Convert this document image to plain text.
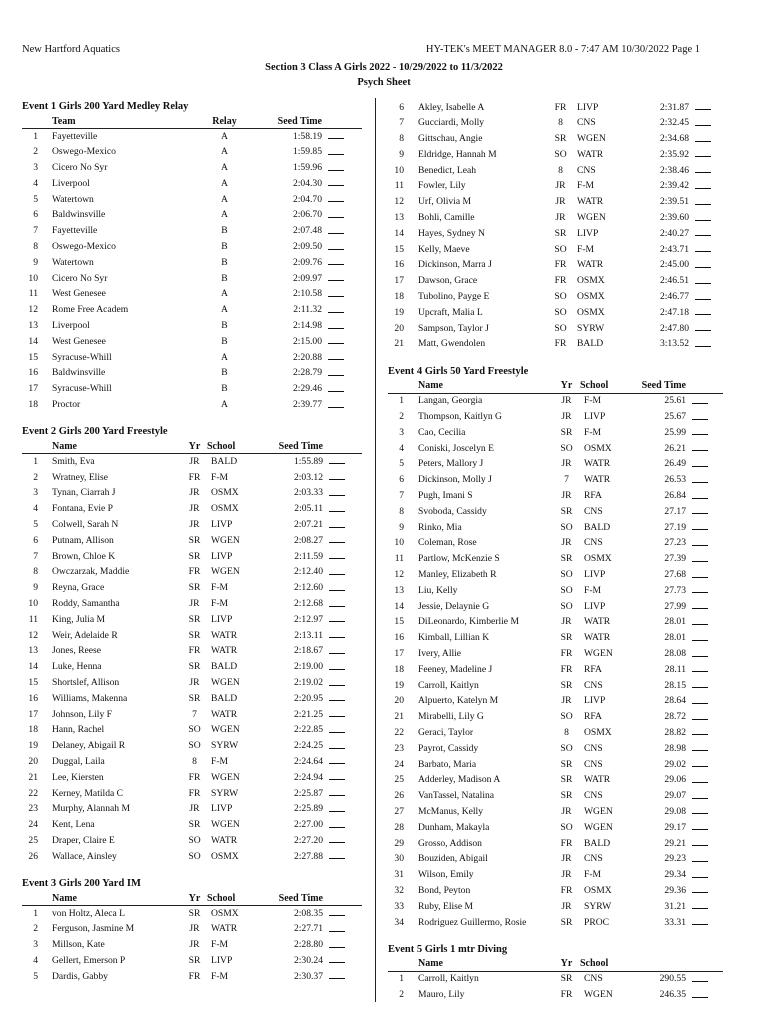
New Hartford Aquatics	HY-TEK's MEET MANAGER 8.0 - 7:47 AM 10/30/2022 Page 1
Section 3 Class A Girls 2022 - 10/29/2022 to 11/3/2022
Psych Sheet
Event 1 Girls 200 Yard Medley Relay
	Team	Relay	Seed Time	
1	Fayetteville	A	1:58.19	
2	Oswego-Mexico	A	1:59.85	
3	Cicero No Syr	A	1:59.96	
4	Liverpool	A	2:04.30	
5	Watertown	A	2:04.70	
6	Baldwinsville	A	2:06.70	
7	Fayetteville	B	2:07.48	
8	Oswego-Mexico	B	2:09.50	
9	Watertown	B	2:09.76	
10	Cicero No Syr	B	2:09.97	
11	West Genesee	A	2:10.58	
12	Rome Free Academ	A	2:11.32	
13	Liverpool	B	2:14.98	
14	West Genesee	B	2:15.00	
15	Syracuse-Whill	A	2:20.88	
16	Baldwinsville	B	2:28.79	
17	Syracuse-Whill	B	2:29.46	
18	Proctor	A	2:39.77	
Event 2 Girls 200 Yard Freestyle
	Name	Yr	School	Seed Time	
1	Smith, Eva	JR	BALD	1:55.89	
2	Wratney, Elise	FR	F-M	2:03.12	
3	Tynan, Ciarrah J	JR	OSMX	2:03.33	
4	Fontana, Evie P	JR	OSMX	2:05.11	
5	Colwell, Sarah N	JR	LIVP	2:07.21	
6	Putnam, Allison	SR	WGEN	2:08.27	
7	Brown, Chloe K	SR	LIVP	2:11.59	
8	Owczarzak, Maddie	FR	WGEN	2:12.40	
9	Reyna, Grace	SR	F-M	2:12.60	
10	Roddy, Samantha	JR	F-M	2:12.68	
11	King, Julia M	SR	LIVP	2:12.97	
12	Weir, Adelaide R	SR	WATR	2:13.11	
13	Jones, Reese	FR	WATR	2:18.67	
14	Luke, Henna	SR	BALD	2:19.00	
15	Shortslef, Allison	JR	WGEN	2:19.02	
16	Williams, Makenna	SR	BALD	2:20.95	
17	Johnson, Lily F	7	WATR	2:21.25	
18	Hann, Rachel	SO	WGEN	2:22.85	
19	Delaney, Abigail R	SO	SYRW	2:24.25	
20	Duggal, Laila	8	F-M	2:24.64	
21	Lee, Kiersten	FR	WGEN	2:24.94	
22	Kerney, Matilda C	FR	SYRW	2:25.87	
23	Murphy, Alannah M	JR	LIVP	2:25.89	
24	Kent, Lena	SR	WGEN	2:27.00	
25	Draper, Claire E	SO	WATR	2:27.20	
26	Wallace, Ainsley	SO	OSMX	2:27.88	
Event 3 Girls 200 Yard IM
	Name	Yr	School	Seed Time	
1	von Holtz, Aleca L	SR	OSMX	2:08.35	
2	Ferguson, Jasmine M	JR	WATR	2:27.71	
3	Millson, Kate	JR	F-M	2:28.80	
4	Gellert, Emerson P	SR	LIVP	2:30.24	
5	Dardis, Gabby	FR	F-M	2:30.37	
6	Akley, Isabelle A	FR	LIVP	2:31.87	
7	Gucciardi, Molly	8	CNS	2:32.45	
8	Gittschau, Angie	SR	WGEN	2:34.68	
9	Eldridge, Hannah M	SO	WATR	2:35.92	
10	Benedict, Leah	8	CNS	2:38.46	
11	Fowler, Lily	JR	F-M	2:39.42	
12	Urf, Olivia M	JR	WATR	2:39.51	
13	Bohli, Camille	JR	WGEN	2:39.60	
14	Hayes, Sydney N	SR	LIVP	2:40.27	
15	Kelly, Maeve	SO	F-M	2:43.71	
16	Dickinson, Marra J	FR	WATR	2:45.00	
17	Dawson, Grace	FR	OSMX	2:46.51	
18	Tubolino, Payge E	SO	OSMX	2:46.77	
19	Upcraft, Malia L	SO	OSMX	2:47.18	
20	Sampson, Taylor J	SO	SYRW	2:47.80	
21	Matt, Gwendolen	FR	BALD	3:13.52	
Event 4 Girls 50 Yard Freestyle
	Name	Yr	School	Seed Time	
1	Langan, Georgia	JR	F-M	25.61	
2	Thompson, Kaitlyn G	JR	LIVP	25.67	
3	Cao, Cecilia	SR	F-M	25.99	
4	Coniski, Joscelyn E	SO	OSMX	26.21	
5	Peters, Mallory J	JR	WATR	26.49	
6	Dickinson, Molly J	7	WATR	26.53	
7	Pugh, Imani S	JR	RFA	26.84	
8	Svoboda, Cassidy	SR	CNS	27.17	
9	Rinko, Mia	SO	BALD	27.19	
10	Coleman, Rose	JR	CNS	27.23	
11	Partlow, McKenzie S	SR	OSMX	27.39	
12	Manley, Elizabeth R	SO	LIVP	27.68	
13	Liu, Kelly	SO	F-M	27.73	
14	Jessie, Delaynie G	SO	LIVP	27.99	
15	DiLeonardo, Kimberlie M	JR	WATR	28.01	
16	Kimball, Lillian K	SR	WATR	28.01	
17	Ivery, Allie	FR	WGEN	28.08	
18	Feeney, Madeline J	FR	RFA	28.11	
19	Carroll, Kaitlyn	SR	CNS	28.15	
20	Alpuerto, Katelyn M	JR	LIVP	28.64	
21	Mirabelli, Lily G	SO	RFA	28.72	
22	Geraci, Taylor	8	OSMX	28.82	
23	Payrot, Cassidy	SO	CNS	28.98	
24	Barbato, Maria	SR	CNS	29.02	
25	Adderley, Madison A	SR	WATR	29.06	
26	VanTassel, Natalina	SR	CNS	29.07	
27	McManus, Kelly	JR	WGEN	29.08	
28	Dunham, Makayla	SO	WGEN	29.17	
29	Grosso, Addison	FR	BALD	29.21	
30	Bouziden, Abigail	JR	CNS	29.23	
31	Wilson, Emily	JR	F-M	29.34	
32	Bond, Peyton	FR	OSMX	29.36	
33	Ruby, Elise M	JR	SYRW	31.21	
34	Rodriguez Guillermo, Rosie	SR	PROC	33.31	
Event 5 Girls 1 mtr Diving
	Name	Yr	School		
1	Carroll, Kaitlyn	SR	CNS	290.55	
2	Mauro, Lily	FR	WGEN	246.35	
